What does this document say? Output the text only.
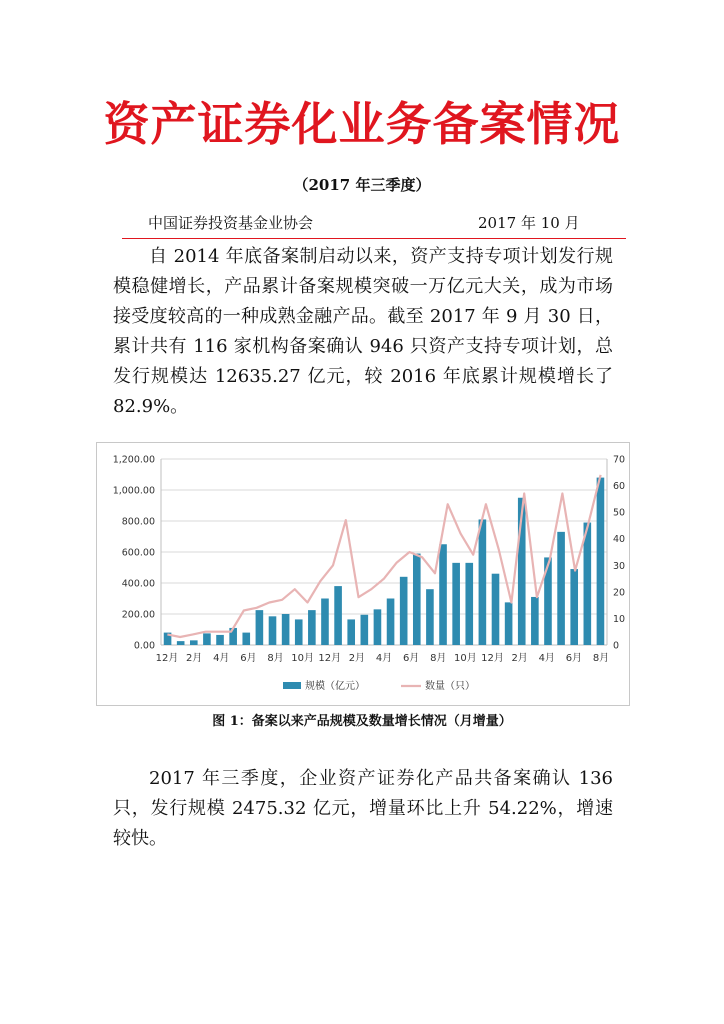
资产证券化业务备案情况
（2017 年三季度）
中国证券投资基金业协会	2017 年 10 月
自 2014 年底备案制启动以来，资产支持专项计划发行规模稳健增长，产品累计备案规模突破一万亿元大关，成为市场接受度较高的一种成熟金融产品。截至 2017 年 9 月 30 日，累计共有 116 家机构备案确认 946 只资产支持专项计划，总发行规模达 12635.27 亿元，较 2016 年底累计规模增长了 82.9%。
0.00
200.00
400.00
600.00
800.00
1,000.00
1,200.00
0
10
20
30
40
50
60
70
12月 2月 4月 6月 8月 10月 12月 2月 4月 6月 8月 10月 12月 2月 4月 6月 8月
规模（亿元）	数量（只）
图 1：备案以来产品规模及数量增长情况（月增量）
2017 年三季度，企业资产证券化产品共备案确认 136 只，发行规模 2475.32 亿元，增量环比上升 54.22%，增速较快。
